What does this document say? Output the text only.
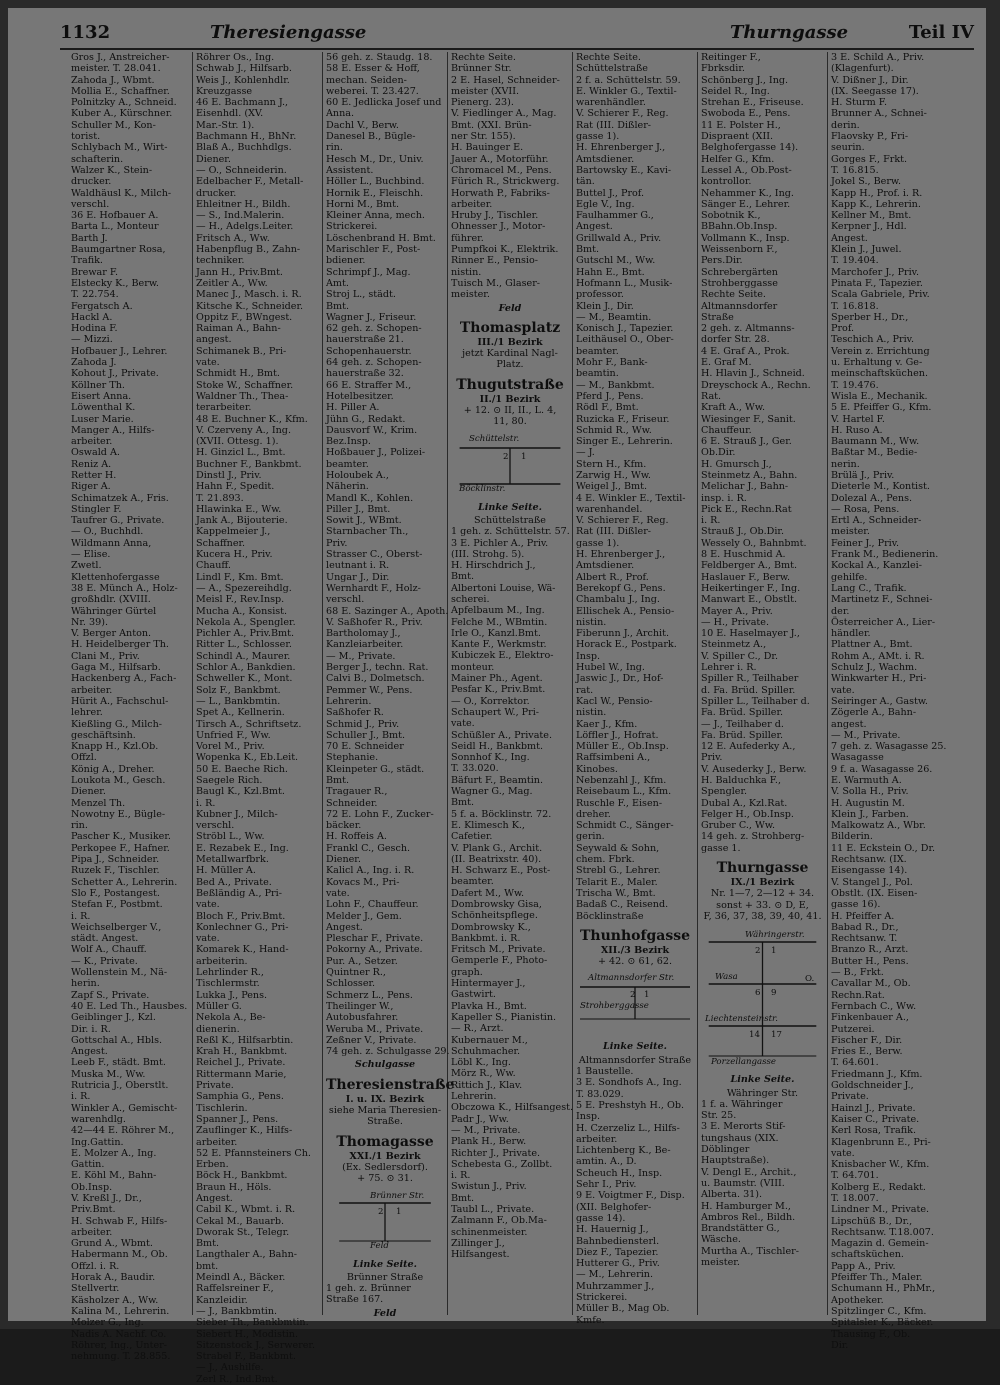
1132	Theresiengasse	Thurngasse	Teil IV
Gros J., Anstreicher-
meister. T. 28.041.
Zahoda J., Wbmt.
Mollia E., Schaffner.
Polnitzky A., Schneid.
Kuber A., Kürschner.
Schuller M., Kon-
torist.
Schlybach M., Wirt-
schafterin.
Walzer K., Stein-
drucker.
Waldhäusl K., Milch-
verschl.
36 E. Hofbauer A.
Barta L., Monteur
Barth J.
Baumgartner Rosa,
Trafik.
Brewar F.
Elstecky K., Berw.
T. 22.754.
Fergatsch A.
Hackl A.
Hodina F.
— Mizzi.
Hofbauer J., Lehrer.
Zahoda J.
Kohout J., Private.
Köllner Th.
Eisert Anna.
Löwenthal K.
Luser Marie.
Manger A., Hilfs-
arbeiter.
Oswald A.
Reniz A.
Retter H.
Riger A.
Schimatzek A., Fris.
Stingler F.
Taufrer G., Private.
— O., Buchhdl.
Wildmann Anna,
— Elise.
Zwetl.
Klettenhofergasse
38 E. Münch A., Holz-
großhdlr. (XVIII.
Währinger Gürtel
Nr. 39).
V. Berger Anton.
H. Heidelberger Th.
Clani M., Priv.
Gaga M., Hilfsarb.
Hackenberg A., Fach-
arbeiter.
Hürit A., Fachschul-
lehrer.
Kießling G., Milch-
geschäftsinh.
Knapp H., Kzl.Ob.
Offzl.
König A., Dreher.
Loukota M., Gesch.
Diener.
Menzel Th.
Nowotny E., Bügle-
rin.
Pascher K., Musiker.
Perkopee F., Hafner.
Pipa J., Schneider.
Ruzek F., Tischler.
Schetter A., Lehrerin.
Slo F., Postangest.
Stefan F., Postbmt.
i. R.
Weichselberger V.,
städt. Angest.
Wolf A., Chauff.
— K., Private.
Wollenstein M., Nä-
herin.
Zapf S., Private.
40 E. Led Th., Hausbes.
Geiblinger J., Kzl.
Dir. i. R.
Gottschal A., Hbls.
Angest.
Leeb F., städt. Bmt.
Muska M., Ww.
Rutricia J., Oberstlt.
i. R.
Winkler A., Gemischt-
warenhdlg.
42—44 E. Röhrer M.,
Ing.Gattin.
E. Molzer A., Ing.
Gattin.
E. Köhl M., Bahn-
Ob.Insp.
V. Kreßl J., Dr.,
Priv.Bmt.
H. Schwab F., Hilfs-
arbeiter.
Grund A., Wbmt.
Habermann M., Ob.
Offzl. i. R.
Horak A., Baudir.
Stellvertr.
Käsholzer A., Ww.
Kalina M., Lehrerin.
Molzer G., Ing.
Nadis A. Nachf. Co.
Röhrer, Ing., Unter-
nehmung. T. 28.855.
Röhrer Os., Ing.
Schwab J., Hilfsarb.
Weis J., Kohlenhdlr.
Kreuzgasse
46 E. Bachmann J.,
Eisenhdl. (XV.
Mar.-Str. 1).
Bachmann H., BhNr.
Blaß A., Buchhdlgs.
Diener.
— O., Schneiderin.
Edelbacher F., Metall-
drucker.
Ehleitner H., Bildh.
— S., Ind.Malerin.
— H., Adelgs.Leiter.
Fritsch A., Ww.
Habenpflug B., Zahn-
techniker.
Jann H., Priv.Bmt.
Zeitler A., Ww.
Manec J., Masch. i. R.
Kitsche K., Schneider.
Oppitz F., BWngest.
Raiman A., Bahn-
angest.
Schimanek B., Pri-
vate.
Schmidt H., Bmt.
Stoke W., Schaffner.
Waldner Th., Thea-
terarbeiter.
48 E. Buchner K., Kfm.
V. Czerveny A., Ing.
(XVII. Ottesg. 1).
H. Ginzicl L., Bmt.
Buchner F., Bankbmt.
Dinstl J., Priv.
Hahn F., Spedit.
T. 21.893.
Hlawinka E., Ww.
Jank A., Bijouterie.
Kappelmeier J.,
Schaffner.
Kucera H., Priv.
Chauff.
Lindl F., Km. Bmt.
— A., Spezereihdlg.
Meisl F., Rev.Insp.
Mucha A., Konsist.
Nekola A., Spengler.
Pichler A., Priv.Bmt.
Ritter L., Schlosser.
Schindl A., Maurer.
Schlor A., Bankdien.
Schweller K., Mont.
Solz F., Bankbmt.
— L., Bankbmtin.
Spet A., Kellnerin.
Tirsch A., Schriftsetz.
Unfried F., Ww.
Vorel M., Priv.
Wopenka K., Eb.Leit.
50 E. Baeche Rich.
Saegele Rich.
Baugl K., Kzl.Bmt.
i. R.
Kubner J., Milch-
verschl.
Ströbl L., Ww.
E. Rezabek E., Ing.
Metallwarfbrk.
H. Müller A.
Bed A., Private.
Beßländig A., Pri-
vate.
Bloch F., Priv.Bmt.
Konlechner G., Pri-
vate.
Komarek K., Hand-
arbeiterin.
Lehrlinder R.,
Tischlermstr.
Lukka J., Pens.
Müller G.
Nekola A., Be-
dienerin.
Reßl K., Hilfsarbtin.
Krah H., Bankbmt.
Reichel J., Private.
Rittermann Marie,
Private.
Samphia G., Pens.
Tischlerin.
Spanner J., Pens.
Zauflinger K., Hilfs-
arbeiter.
52 E. Pfannsteiners Ch.
Erben.
Böck H., Bankbmt.
Braun H., Höls.
Angest.
Cabil K., Wbmt. i. R.
Cekal M., Bauarb.
Dworak St., Telegr.
Bmt.
Langthaler A., Bahn-
bmt.
Meindl A., Bäcker.
Raffelsreiner F.,
Kanzleidir.
— J., Bankbmtin.
Sieber Th., Bankbmtin.
Siebert H., Modistin.
Sitzenstock J., Serwerer.
Strabel F., Bankbmt.
— J., Aushilfe.
Zerl R., Ind.Bmt.
56 geh. z. Staudg. 18.
58 E. Esser & Hoff,
mechan. Seiden-
weberei. T. 23.427.
60 E. Jedlicka Josef und
Anna.
Dachl V., Berw.
Danesel B., Bügle-
rin.
Hesch M., Dr., Univ.
Assistent.
Höller L., Buchbind.
Hornik E., Fleischh.
Horni M., Bmt.
Kleiner Anna, mech.
Strickerei.
Löschenbrand H. Bmt.
Marischler F., Post-
bdiener.
Schrimpf J., Mag.
Amt.
Stroj L., städt.
Bmt.
Wagner J., Friseur.
62 geh. z. Schopen-
hauerstraße 21.
Schopenhauerstr.
64 geh. z. Schopen-
hauerstraße 32.
66 E. Straffer M.,
Hotelbesitzer.
H. Piller A.
Jühn G., Redakt.
Dausvorf W., Krim.
Bez.Insp.
Hoßbauer J., Polizei-
beamter.
Holoubek A.,
Näherin.
Mandl K., Kohlen.
Piller J., Bmt.
Sowit J., WBmt.
Starnbacher Th.,
Priv.
Strasser C., Oberst-
leutnant i. R.
Ungar J., Dir.
Wernhardt F., Holz-
verschl.
68 E. Sazinger A., Apoth.
V. Saßhofer R., Priv.
Bartholomay J.,
Kanzleiarbeiter.
— M., Private.
Berger J., techn. Rat.
Calvi B., Dolmetsch.
Pemmer W., Pens.
Lehrerin.
Saßhofer R.
Schmid J., Priv.
Schuller J., Bmt.
70 E. Schneider
Stephanie.
Kleinpeter G., städt.
Bmt.
Tragauer R.,
Schneider.
72 E. Lohn F., Zucker-
bäcker.
H. Roffeis A.
Frankl C., Gesch.
Diener.
Kalicl A., Ing. i. R.
Kovacs M., Pri-
vate.
Lohn F., Chauffeur.
Melder J., Gem.
Angest.
Pleschar F., Private.
Pokorny A., Private.
Pur. A., Setzer.
Quintner R.,
Schlosser.
Schmerz L., Pens.
Theilinger W.,
Autobusfahrer.
Weruba M., Private.
Zeßner V., Private.
74 geh. z. Schulgasse 29.
Schulgasse
Theresienstraße
I. u. IX. Bezirk
siehe Maria Theresien-
Straße.
Thomagasse
XXI./1 Bezirk
(Ex. Sedlersdorf).
+ 75. ⊙ 31.
Brünner Str.
Feld
2 1
Linke Seite.
Brünner Straße
1 geh. z. Brünner
Straße 167.
Feld
Rechte Seite.
Brünner Str.
2 E. Hasel, Schneider-
meister (XVII.
Pienerg. 23).
V. Fiedlinger A., Mag.
Bmt. (XXI. Brün-
ner Str. 155).
H. Bauinger E.
Jauer A., Motorführ.
Chromacel M., Pens.
Fürich R., Strickwerg.
Horwath P., Fabriks-
arbeiter.
Hruby J., Tischler.
Ohnesser J., Motor-
führer.
Pumpfkoi K., Elektrik.
Rinner E., Pensio-
nistin.
Tuisch M., Glaser-
meister.
Feld
Thomasplatz
III./1 Bezirk
jetzt Kardinal Nagl-
Platz.
Thugutstraße
II./1 Bezirk
+ 12. ⊙ II, II., L. 4,
11, 80.
Schüttelstr.
Böcklinstr.
2 1
Linke Seite.
Schüttelstraße
1 geh. z. Schüttelstr. 57.
3 E. Pichler A., Priv.
(III. Strohg. 5).
H. Hirschdrich J.,
Bmt.
Albertoni Louise, Wä-
scherei.
Apfelbaum M., Ing.
Felche M., WBmtin.
Irle O., Kanzl.Bmt.
Kante F., Werkmstr.
Kubiczek E., Elektro-
monteur.
Mainer Ph., Agent.
Pesfar K., Priv.Bmt.
— O., Korrektor.
Schaupert W., Pri-
vate.
Schüßler A., Private.
Seidl H., Bankbmt.
Sonnhof K., Ing.
T. 33.020.
Bäfurt F., Beamtin.
Wagner G., Mag.
Bmt.
5 f. a. Böcklinstr. 72.
E. Klimesch K.,
Cafetier.
V. Plank G., Archit.
(II. Beatrixstr. 40).
H. Schwarz E., Post-
beamter.
Dafert M., Ww.
Dombrowsky Gisa,
Schönheitspflege.
Dombrowsky K.,
Bankbmt. i. R.
Fritsch M., Private.
Gemperle F., Photo-
graph.
Hintermayer J.,
Gastwirt.
Plavka H., Bmt.
Kapeller S., Pianistin.
— R., Arzt.
Kubernauer M.,
Schuhmacher.
Löbl K., Ing.
Mörz R., Ww.
Rittich J., Klav.
Lehrerin.
Obczowa K., Hilfsangest.
Padr J., Ww.
— M., Private.
Plank H., Berw.
Richter J., Private.
Schebesta G., Zollbt.
i. R.
Swistun J., Priv.
Bmt.
Taubl L., Private.
Zalmann F., Ob.Ma-
schinenmeister.
Zillinger J.,
Hilfsangest.
Rechte Seite.
Schüttelstraße
2 f. a. Schüttelstr. 59.
E. Winkler G., Textil-
warenhändler.
V. Schierer F., Reg.
Rat (III. Dißler-
gasse 1).
H. Ehrenberger J.,
Amtsdiener.
Bartowsky E., Kavi-
tän.
Buttel J., Prof.
Egle V., Ing.
Faulhammer G.,
Angest.
Grillwald A., Priv.
Bmt.
Gutschl M., Ww.
Hahn E., Bmt.
Hofmann L., Musik-
professor.
Klein J., Dir.
— M., Beamtin.
Konisch J., Tapezier.
Leithäusel O., Ober-
beamter.
Mohr F., Bank-
beamtin.
— M., Bankbmt.
Pferd J., Pens.
Rödl F., Bmt.
Ruzicka F., Friseur.
Schmid R., Ww.
Singer E., Lehrerin.
— J.
Stern H., Kfm.
Zarwig H., Ww.
Weigel J., Bmt.
4 E. Winkler E., Textil-
warenhandel.
V. Schierer F., Reg.
Rat (III. Dißler-
gasse 1).
H. Ehrenberger J.,
Amtsdiener.
Albert R., Prof.
Berekopf G., Pens.
Chambalu J., Ing.
Ellischek A., Pensio-
nistin.
Fiberunn J., Archit.
Horack E., Postpark.
Insp.
Hubel W., Ing.
Jaswic J., Dr., Hof-
rat.
Kacl W., Pensio-
nistin.
Kaer J., Kfm.
Löffler J., Hofrat.
Müller E., Ob.Insp.
Raffsimbeni A.,
Kinobes.
Nebenzahl J., Kfm.
Reisebaum L., Kfm.
Ruschle F., Eisen-
dreher.
Schmidt C., Sänger-
gerin.
Seywald & Sohn,
chem. Fbrk.
Strebl G., Lehrer.
Telarit E., Maler.
Trischa W., Bmt.
Badaß C., Reisend.
Böcklinstraße
Thunhofgasse
XII./3 Bezirk
+ 42. ⊙ 61, 62.
Altmannsdorfer Str.
Strohberggasse
2 1
Linke Seite.
Altmannsdorfer Straße
1 Baustelle.
3 E. Sondhofs A., Ing.
T. 83.029.
5 E. Preshstyh H., Ob.
Insp.
H. Czerzeliz L., Hilfs-
arbeiter.
Lichtenberg K., Be-
amtin. A., D.
Scheuch H., Insp.
Sehr I., Priv.
9 E. Voigtmer F., Disp.
(XII. Belghofer-
gasse 14).
H. Hauernig J.,
Bahnbediensterl.
Diez F., Tapezier.
Hutterer G., Priv.
— M., Lehrerin.
Muhrzammer J.,
Strickerei.
Müller B., Mag Ob.
Kmfe.
Reitinger F.,
Fbrksdir.
Schönberg J., Ing.
Seidel R., Ing.
Strehan E., Friseuse.
Swoboda E., Pens.
11 E. Polster H.,
Dispraent (XII.
Belghofergasse 14).
Helfer G., Kfm.
Lessel A., Ob.Post-
kontrollor.
Nehammer K., Ing.
Sänger E., Lehrer.
Sobotnik K.,
BBahn.Ob.Insp.
Vollmann K., Insp.
Weissenborn F.,
Pers.Dir.
Schrebergärten
Strohberggasse
Rechte Seite.
Altmannsdorfer
Straße
2 geh. z. Altmanns-
dorfer Str. 28.
4 E. Graf A., Prok.
E. Graf M.
H. Hlavin J., Schneid.
Dreyschock A., Rechn.
Rat.
Kraft A., Ww.
Wiesinger F., Sanit.
Chauffeur.
6 E. Strauß J., Ger.
Ob.Dir.
H. Gmursch J.,
Steinmetz A., Bahn.
Melichar J., Bahn-
insp. i. R.
Pick E., Rechn.Rat
i. R.
Strauß J., Ob.Dir.
Wessely O., Bahnbmt.
8 E. Huschmid A.
Feldberger A., Bmt.
Haslauer F., Berw.
Heikertinger F., Ing.
Manwart E., Obstlt.
Mayer A., Priv.
— H., Private.
10 E. Haselmayer J.,
Steinmetz A.,
V. Spiller C., Dr.
Lehrer i. R.
Spiller R., Teilhaber
d. Fa. Brüd. Spiller.
Spiller L., Teilhaber d.
Fa. Brüd. Spiller.
— J., Teilhaber d.
Fa. Brüd. Spiller.
12 E. Aufederky A.,
Priv.
V. Ausederky J., Berw.
H. Balduchka F.,
Spengler.
Dubal A., Kzl.Rat.
Felger H., Ob.Insp.
Gruber C., Ww.
14 geh. z. Strohberg-
gasse 1.
Thurngasse
IX./1 Bezirk
Nr. 1—7, 2—12 + 34.
sonst + 33. ⊙ D, E,
F, 36, 37, 38, 39, 40, 41.
Währingerstr.
Wasa
Liechtensteinstr.
Porzellangasse
2 1
6 9
14 17
O.
Linke Seite.
Währinger Str.
1 f. a. Währinger
Str. 25.
3 E. Merorts Stif-
tungshaus (XIX.
Döblinger
Hauptstraße).
V. Dengl E., Archit.,
u. Baumstr. (VIII.
Alberta. 31).
H. Hamburger M.,
Ambros Rel., Bildh.
Brandstätter G.,
Wäsche.
Murtha A., Tischler-
meister.
3 E. Schild A., Priv.
(Klagenfurt).
V. Dißner J., Dir.
(IX. Seegasse 17).
H. Sturm F.
Brunner A., Schnei-
derin.
Flaovsky P., Fri-
seurin.
Gorges F., Frkt.
T. 16.815.
Jokel S., Berw.
Kapp H., Prof. i. R.
Kapp K., Lehrerin.
Kellner M., Bmt.
Kerpner J., Hdl.
Angest.
Klein J., Juwel.
T. 19.404.
Marchofer J., Priv.
Pinata F., Tapezier.
Scala Gabriele, Priv.
T. 16.818.
Sperber H., Dr.,
Prof.
Teschich A., Priv.
Verein z. Errichtung
u. Erhaltung v. Ge-
meinschaftsküchen.
T. 19.476.
Wisla E., Mechanik.
5 E. Pfeiffer G., Kfm.
V. Hartel F.
H. Ruso A.
Baumann M., Ww.
Baßtar M., Bedie-
nerin.
Brülä J., Priv.
Dieterle M., Kontist.
Dolezal A., Pens.
— Rosa, Pens.
Ertl A., Schneider-
meister.
Feiner J., Priv.
Frank M., Bedienerin.
Kockal A., Kanzlei-
gehilfe.
Lang C., Trafik.
Martinetz F., Schnei-
der.
Österreicher A., Lier-
händler.
Plattner A., Bmt.
Rohm A., AMt. i. R.
Schulz J., Wachm.
Winkwarter H., Pri-
vate.
Seiringer A., Gastw.
Zögerle A., Bahn-
angest.
— M., Private.
7 geh. z. Wasagasse 25.
Wasagasse
9 f. a. Wasagasse 26.
E. Warmuth A.
V. Solla H., Priv.
H. Augustin M.
Klein J., Farben.
Malkowatz A., Wbr.
Bilderin.
11 E. Eckstein O., Dr.
Rechtsanw. (IX.
Eisengasse 14).
V. Stangel J., Pol.
Obstlt. (IX. Eisen-
gasse 16).
H. Pfeiffer A.
Babad R., Dr.,
Rechtsanw. T.
Branzo R., Arzt.
Butter H., Pens.
— B., Frkt.
Cavallar M., Ob.
Rechn.Rat.
Fernbach C., Ww.
Finkenbauer A.,
Putzerei.
Fischer F., Dir.
Fries E., Berw.
T. 64.601.
Friedmann J., Kfm.
Goldschneider J.,
Private.
Hainzl J., Private.
Kaiser C., Private.
Kerl Rosa, Trafik.
Klagenbrunn E., Pri-
vate.
Knisbacher W., Kfm.
T. 64.701.
Kolberg E., Redakt.
T. 18.007.
Lindner M., Private.
Lipschüß B., Dr.,
Rechtsanw. T.18.007.
Magazin d. Gemein-
schaftsküchen.
Papp A., Priv.
Pfeiffer Th., Maler.
Schumann H., PhMr.,
Apotheker.
Spitzlinger C., Kfm.
Spitalsler K., Bäcker.
Thausing F., Ob.
Dir.
